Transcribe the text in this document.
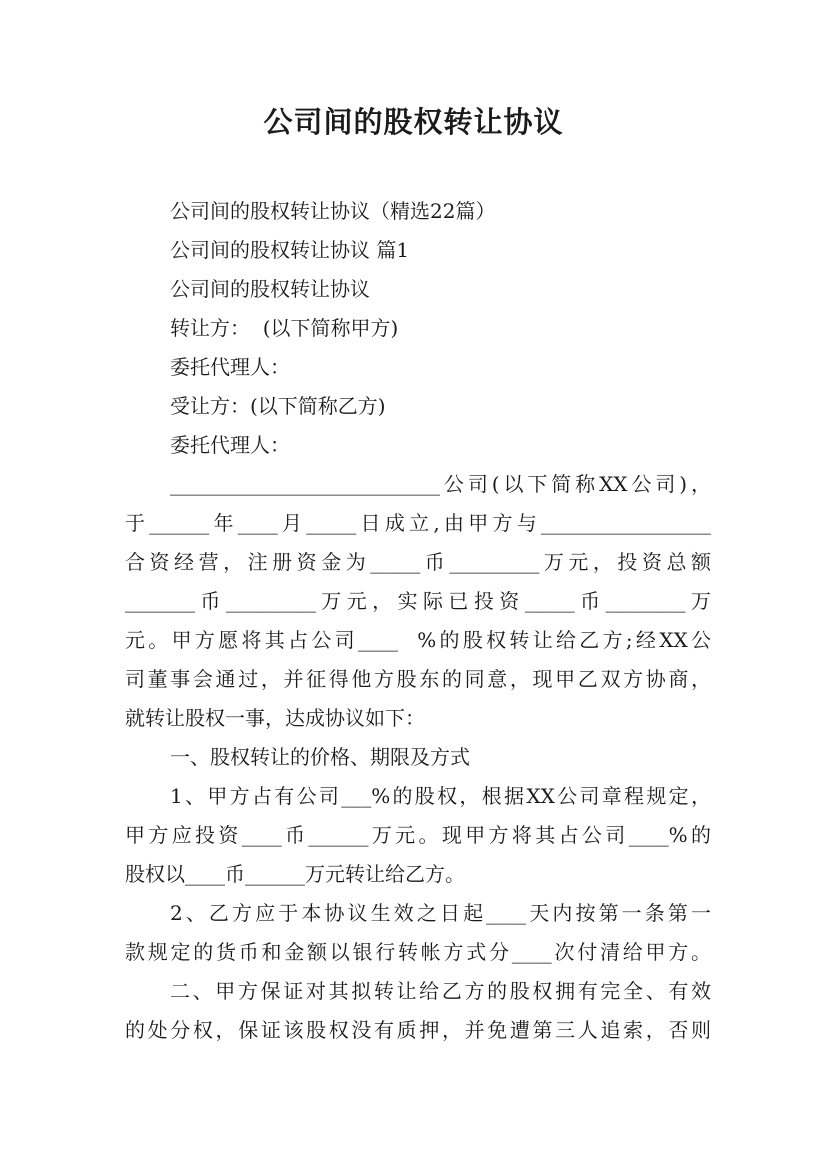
公司间的股权转让协议

公司间的股权转让协议（精选22篇）

公司间的股权转让协议 篇1

公司间的股权转让协议

转让方：  (以下简称甲方)

委托代理人：

受让方：(以下简称乙方)

委托代理人：

___________________________公司(以下简称XX公司)，

于______年____月_____日成立,由甲方与_________________

合资经营，注册资金为_____币_________万元，投资总额

_______币_________万元，实际已投资_____币________万

元。甲方愿将其占公司____  %的股权转让给乙方;经XX公

司董事会通过，并征得他方股东的同意，现甲乙双方协商，

就转让股权一事，达成协议如下：

一、股权转让的价格、期限及方式

1、甲方占有公司___%的股权，根据XX公司章程规定，

甲方应投资____币______万元。现甲方将其占公司____%的

股权以____币______万元转让给乙方。

2、乙方应于本协议生效之日起____天内按第一条第一

款规定的货币和金额以银行转帐方式分____次付清给甲方。

二、甲方保证对其拟转让给乙方的股权拥有完全、有效

的处分权，保证该股权没有质押，并免遭第三人追索，否则
